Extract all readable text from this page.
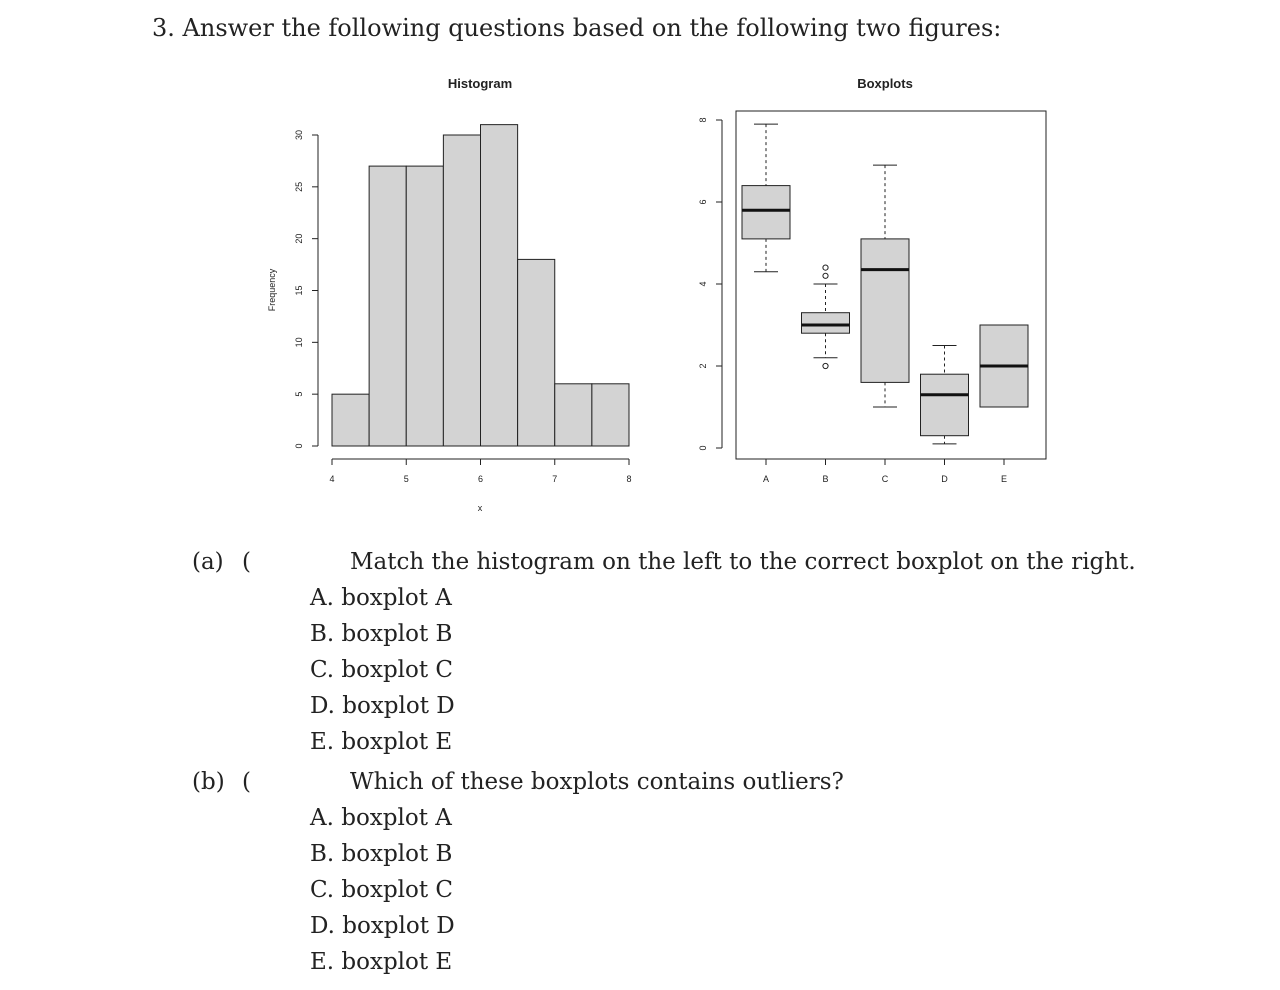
3. Answer the following questions based on the following two figures:
Histogram
Frequency
x
0
5
10
15
20
25
30
4	5	6	7	8
Boxplots
0
2
4
6
8
A	B	C	D	E
(a) (	Match the histogram on the left to the correct boxplot on the right.
A. boxplot A
B. boxplot B
C. boxplot C
D. boxplot D
E. boxplot E
(b) (	Which of these boxplots contains outliers?
A. boxplot A
B. boxplot B
C. boxplot C
D. boxplot D
E. boxplot E
